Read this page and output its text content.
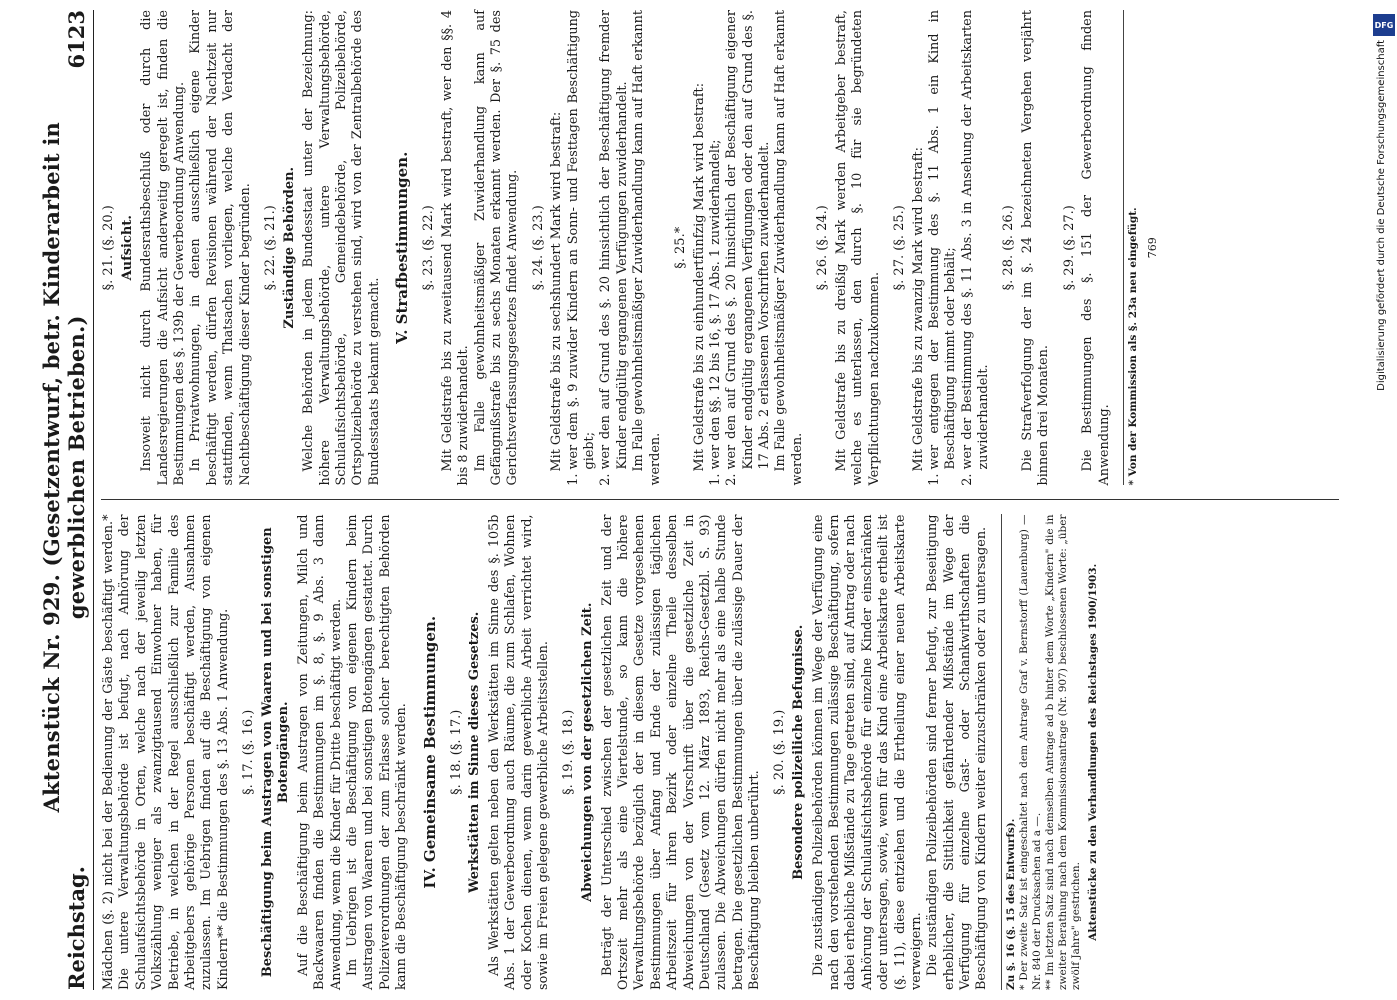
Reichstag.
Aktenstück Nr. 929. (Gesetzentwurf, betr. Kinderarbeit in gewerblichen Betrieben.)
6123

Mädchen (§. 2) nicht bei der Bedienung der Gäste beschäftigt werden.* Die untere Verwaltungsbehörde ist befugt, nach Anhörung der Schulaufsichtsbehörde in Orten, welche nach der jeweilig letzten Volkszählung weniger als zwanzigtausend Einwohner haben, für Betriebe, in welchen in der Regel ausschließlich zur Familie des Arbeitgebers gehörige Personen beschäftigt werden, Ausnahmen zuzulassen. Im Uebrigen finden auf die Beschäftigung von eigenen Kindern** die Bestimmungen des §. 13 Abs. 1 Anwendung. §. 17. (§. 16.) Beschäftigung beim Austragen von Waaren und bei sonstigen Botengängen. Auf die Beschäftigung beim Austragen von Zeitungen, Milch und Backwaaren finden die Bestimmungen im §. 8, §. 9 Abs. 3 dann Anwendung, wenn die Kinder für Dritte beschäftigt werden. Im Uebrigen ist die Beschäftigung von eigenen Kindern beim Austragen von Waaren und bei sonstigen Botengängen gestattet. Durch Polizeiverordnungen der zum Erlasse solcher berechtigten Behörden kann die Beschäftigung beschränkt werden. IV. Gemeinsame Bestimmungen. §. 18. (§. 17.) Werkstätten im Sinne dieses Gesetzes. Als Werkstätten gelten neben den Werkstätten im Sinne des §. 105b Abs. 1 der Gewerbeordnung auch Räume, die zum Schlafen, Wohnen oder Kochen dienen, wenn darin gewerbliche Arbeit verrichtet wird, sowie im Freien gelegene gewerbliche Arbeitsstellen. §. 19. (§. 18.) Abweichungen von der gesetzlichen Zeit. Beträgt der Unterschied zwischen der gesetzlichen Zeit und der Ortszeit mehr als eine Viertelstunde, so kann die höhere Verwaltungsbehörde bezüglich der in diesem Gesetze vorgesehenen Bestimmungen über Anfang und Ende der zulässigen täglichen Arbeitszeit für ihren Bezirk oder einzelne Theile desselben Abweichungen von der Vorschrift über die gesetzliche Zeit in Deutschland (Gesetz vom 12. März 1893, Reichs-Gesetzbl. S. 93) zulassen. Die Abweichungen dürfen nicht mehr als eine halbe Stunde betragen. Die gesetzlichen Bestimmungen über die zulässige Dauer der Beschäftigung bleiben unberührt.

§. 20. (§. 19.) Besondere polizeiliche Befugnisse. Die zuständigen Polizeibehörden können im Wege der Verfügung eine nach den vorstehenden Bestimmungen zulässige Beschäftigung, sofern dabei erhebliche Mißstände zu Tage getreten sind, auf Antrag oder nach Anhörung der Schulaufsichtsbehörde für einzelne Kinder einschränken oder untersagen, sowie, wenn für das Kind eine Arbeitskarte ertheilt ist (§. 11), diese entziehen und die Ertheilung einer neuen Arbeitskarte verweigern. Die zuständigen Polizeibehörden sind ferner befugt, zur Beseitigung erheblicher, die Sittlichkeit gefährdender Mißstände im Wege der Verfügung für einzelne Gast- oder Schankwirthschaften die Beschäftigung von Kindern weiter einzuschränken oder zu untersagen. Zu §. 16 (§. 15 des Entwurfs). * Der zweite Satz ist eingeschaltet nach dem Antrage Graf v. Bernstorff (Lauenburg) — Nr. 840 der Drucksachen ad a —. ** Im letzten Satz sind nach demselben Antrage ad b hinter dem Worte „Kindern" die in zweiter Berathung nach dem Kommissionsantrage (Nr. 907) beschlossenen Worte: „über zwölf Jahre" gestrichen. Aktenstücke zu den Verhandlungen des Reichstages 1900/1903.
§. 21. (§. 20.) Aufsicht. Insoweit nicht durch Bundesrathsbeschluß oder durch die Landesregierungen die Aufsicht anderweitig geregelt ist, finden die Bestimmungen des §. 139b der Gewerbeordnung Anwendung. In Privatwohnungen, in denen ausschließlich eigene Kinder beschäftigt werden, dürfen Revisionen während der Nachtzeit nur stattfinden, wenn Thatsachen vorliegen, welche den Verdacht der Nachtbeschäftigung dieser Kinder begründen. §. 22. (§. 21.) Zuständige Behörden. Welche Behörden in jedem Bundesstaat unter der Bezeichnung: höhere Verwaltungsbehörde, untere Verwaltungsbehörde, Schulaufsichtsbehörde, Gemeindebehörde, Polizeibehörde, Ortspolizeibehörde zu verstehen sind, wird von der Zentralbehörde des Bundesstaats bekannt gemacht.

V. Strafbestimmungen. §. 23. (§. 22.) Mit Geldstrafe bis zu zweitausend Mark wird bestraft, wer den §§. 4 bis 8 zuwiderhandelt. Im Falle gewohnheitsmäßiger Zuwiderhandlung kann auf Gefängnißstrafe bis zu sechs Monaten erkannt werden. Der §. 75 des Gerichtsverfassungsgesetzes findet Anwendung. §. 24. (§. 23.) Mit Geldstrafe bis zu sechshundert Mark wird bestraft: 1. wer dem §. 9 zuwider Kindern an Sonn- und Festtagen Beschäftigung giebt; 2. wer den auf Grund des §. 20 hinsichtlich der Beschäftigung fremder Kinder endgültig ergangenen Verfügungen zuwiderhandelt. Im Falle gewohnheitsmäßiger Zuwiderhandlung kann auf Haft erkannt werden.

§. 25.* Mit Geldstrafe bis zu einhundertfünfzig Mark wird bestraft: 1. wer den §§. 12 bis 16, §. 17 Abs. 1 zuwiderhandelt; 2. wer den auf Grund des §. 20 hinsichtlich der Beschäftigung eigener Kinder endgültig ergangenen Verfügungen oder den auf Grund des §. 17 Abs. 2 erlassenen Vorschriften zuwiderhandelt. Im Falle gewohnheitsmäßiger Zuwiderhandlung kann auf Haft erkannt werden.

§. 26. (§. 24.) Mit Geldstrafe bis zu dreißig Mark werden Arbeitgeber bestraft, welche es unterlassen, den durch §. 10 für sie begründeten Verpflichtungen nachzukommen.

§. 27. (§. 25.) Mit Geldstrafe bis zu zwanzig Mark wird bestraft: 1. wer entgegen der Bestimmung des §. 11 Abs. 1 ein Kind in Beschäftigung nimmt oder behält; 2. wer der Bestimmung des §. 11 Abs. 3 in Ansehung der Arbeitskarten zuwiderhandelt.
§. 28. (§. 26.) Die Strafverfolgung der im §. 24 bezeichneten Vergehen verjährt binnen drei Monaten.

§. 29. (§. 27.) Die Bestimmungen des §. 151 der Gewerbeordnung finden Anwendung. * Von der Kommission als §. 23a neu eingefügt. 769
DFG
Digitalisierung gefördert durch die Deutsche Forschungsgemeinschaft
